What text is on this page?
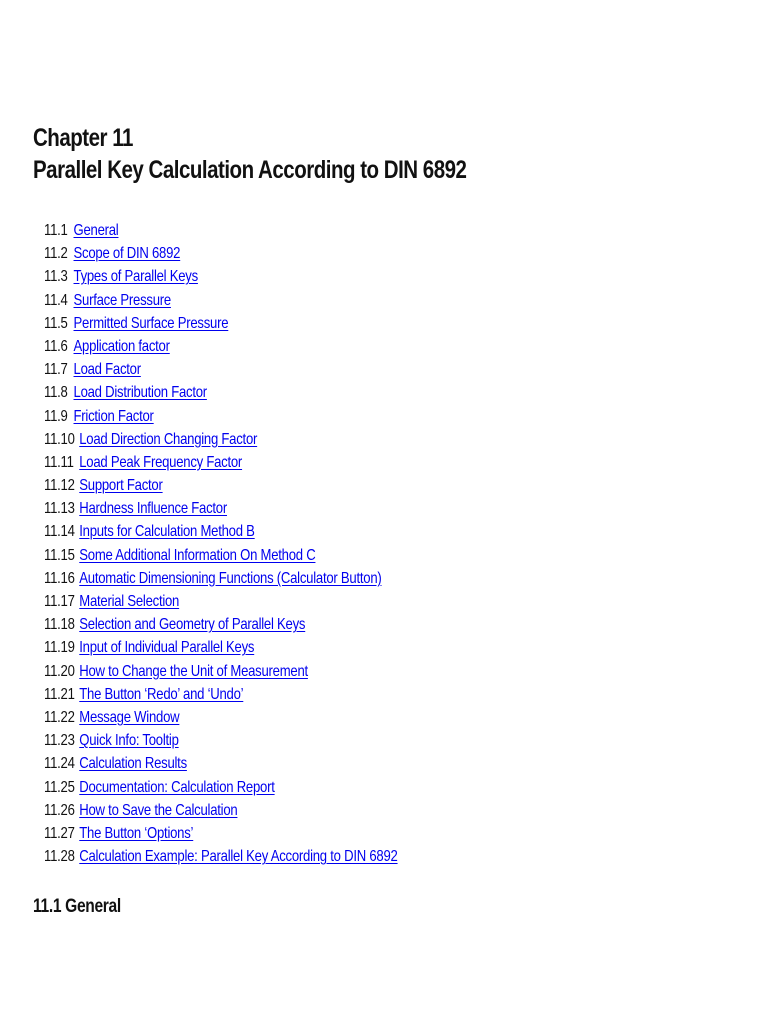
Chapter 11
Parallel Key Calculation According to DIN 6892
11.1 General
11.2 Scope of DIN 6892
11.3 Types of Parallel Keys
11.4 Surface Pressure
11.5 Permitted Surface Pressure
11.6 Application factor
11.7 Load Factor
11.8 Load Distribution Factor
11.9 Friction Factor
11.10 Load Direction Changing Factor
11.11 Load Peak Frequency Factor
11.12 Support Factor
11.13 Hardness Influence Factor
11.14 Inputs for Calculation Method B
11.15 Some Additional Information On Method C
11.16 Automatic Dimensioning Functions (Calculator Button)
11.17 Material Selection
11.18 Selection and Geometry of Parallel Keys
11.19 Input of Individual Parallel Keys
11.20 How to Change the Unit of Measurement
11.21 The Button ‘Redo’ and ‘Undo’
11.22 Message Window
11.23 Quick Info: Tooltip
11.24 Calculation Results
11.25 Documentation: Calculation Report
11.26 How to Save the Calculation
11.27 The Button ‘Options’
11.28 Calculation Example: Parallel Key According to DIN 6892
11.1 General
